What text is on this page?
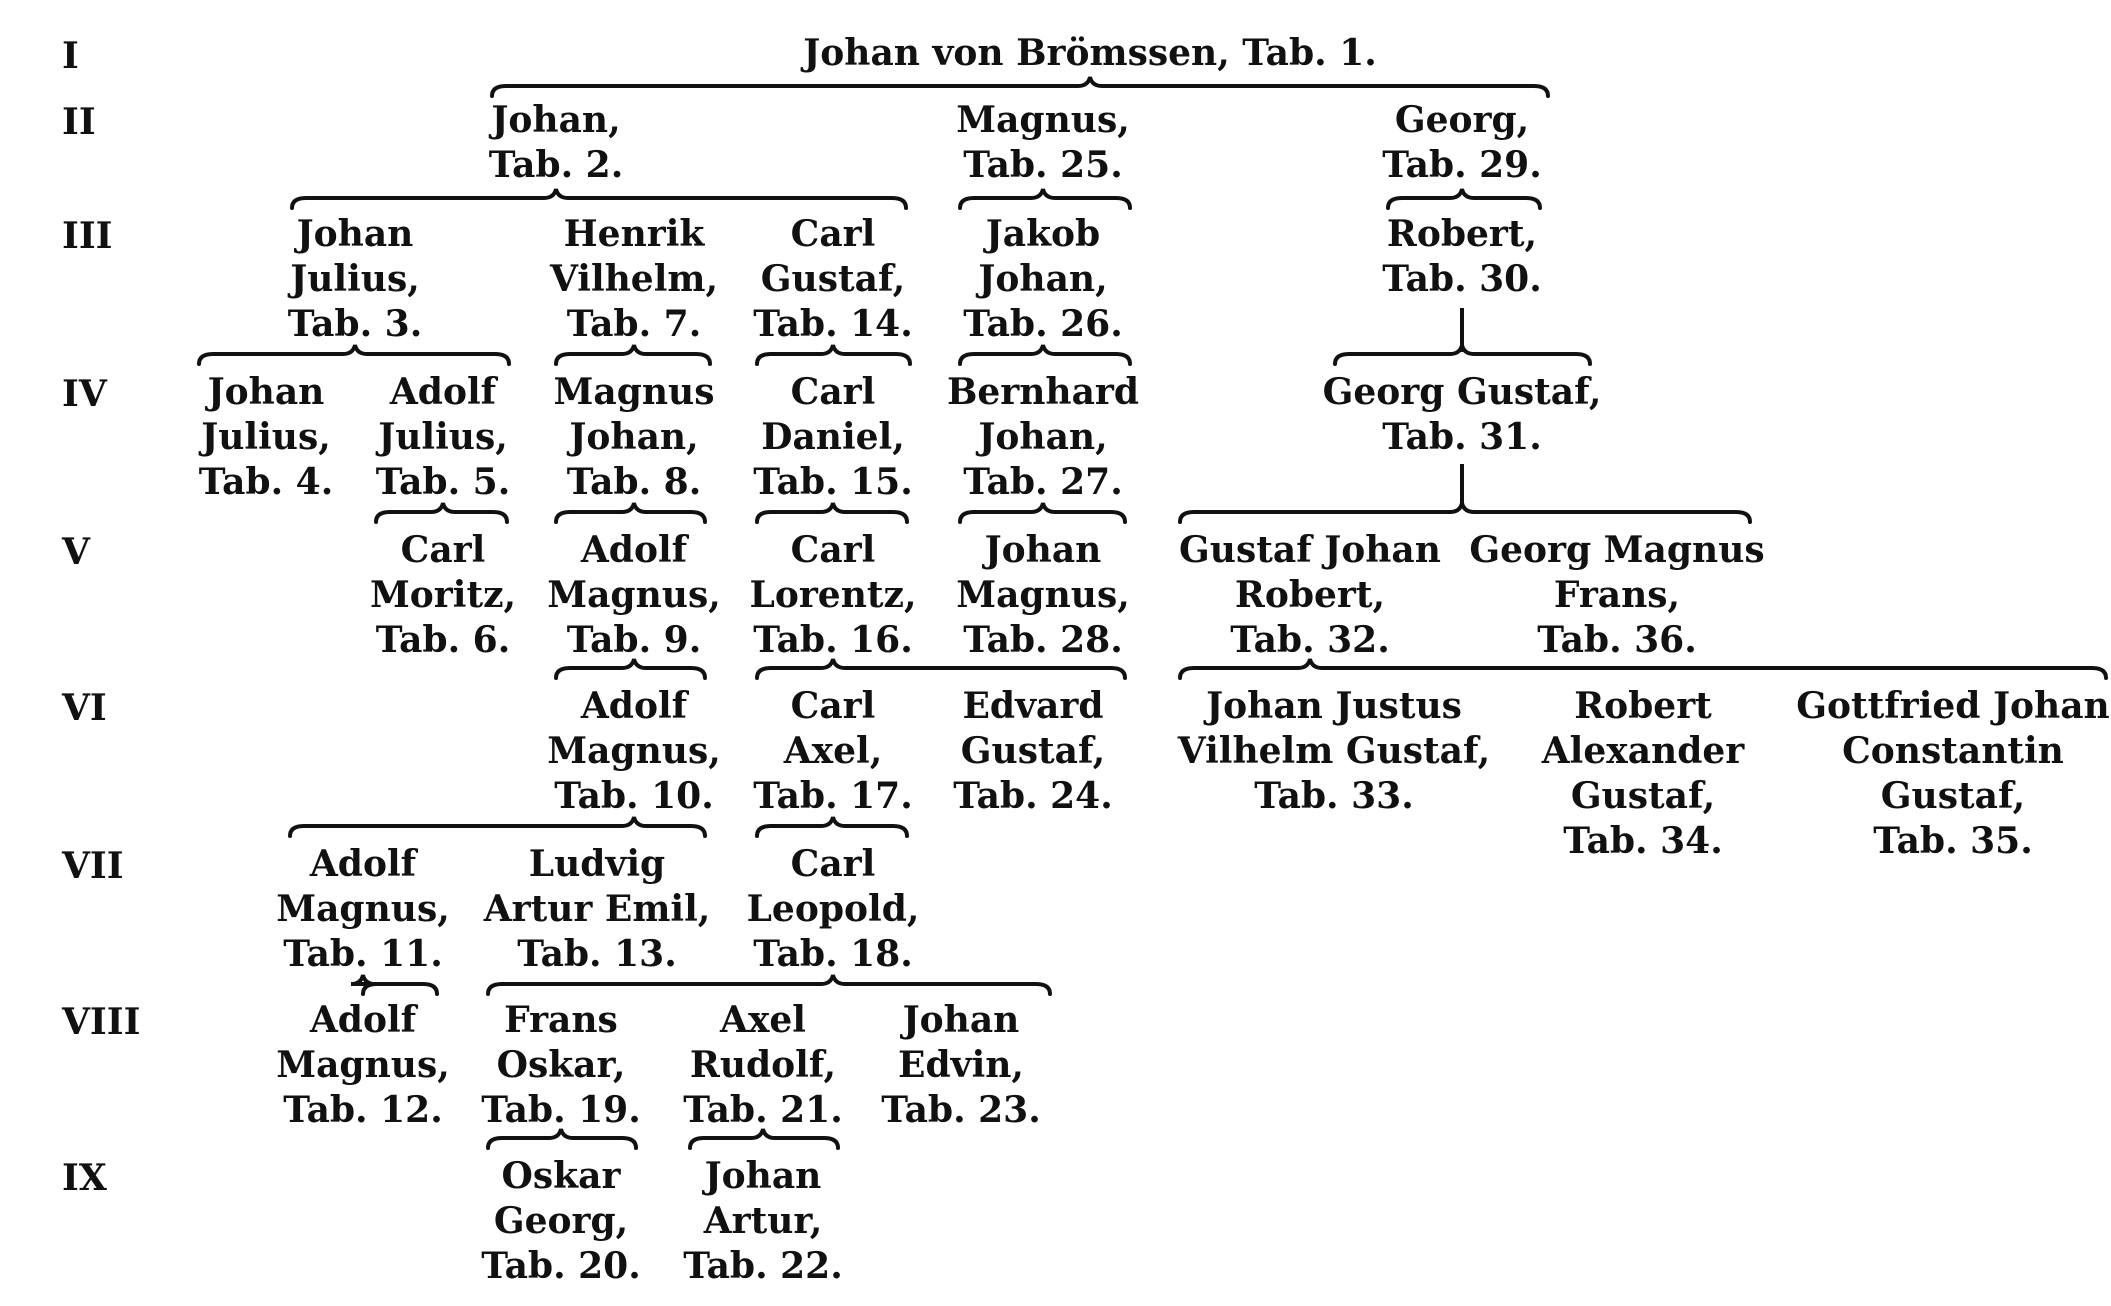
I
II
III
IV
V
VI
VII
VIII
IX
Johan von Brömssen, Tab. 1.
Johan,
Tab. 2.
Magnus,
Tab. 25.
Georg,
Tab. 29.
Johan
Julius,
Tab. 3.
Henrik
Vilhelm,
Tab. 7.
Carl
Gustaf,
Tab. 14.
Jakob
Johan,
Tab. 26.
Robert,
Tab. 30.
Johan
Julius,
Tab. 4.
Adolf
Julius,
Tab. 5.
Magnus
Johan,
Tab. 8.
Carl
Daniel,
Tab. 15.
Bernhard
Johan,
Tab. 27.
Georg Gustaf,
Tab. 31.
Carl
Moritz,
Tab. 6.
Adolf
Magnus,
Tab. 9.
Carl
Lorentz,
Tab. 16.
Johan
Magnus,
Tab. 28.
Gustaf Johan
Robert,
Tab. 32.
Georg Magnus
Frans,
Tab. 36.
Adolf
Magnus,
Tab. 10.
Carl
Axel,
Tab. 17.
Edvard
Gustaf,
Tab. 24.
Johan Justus
Vilhelm Gustaf,
Tab. 33.
Robert
Alexander
Gustaf,
Tab. 34.
Gottfried Johan
Constantin
Gustaf,
Tab. 35.
Adolf
Magnus,
Tab. 11.
Ludvig
Artur Emil,
Tab. 13.
Carl
Leopold,
Tab. 18.
Adolf
Magnus,
Tab. 12.
Frans
Oskar,
Tab. 19.
Axel
Rudolf,
Tab. 21.
Johan
Edvin,
Tab. 23.
Oskar
Georg,
Tab. 20.
Johan
Artur,
Tab. 22.
